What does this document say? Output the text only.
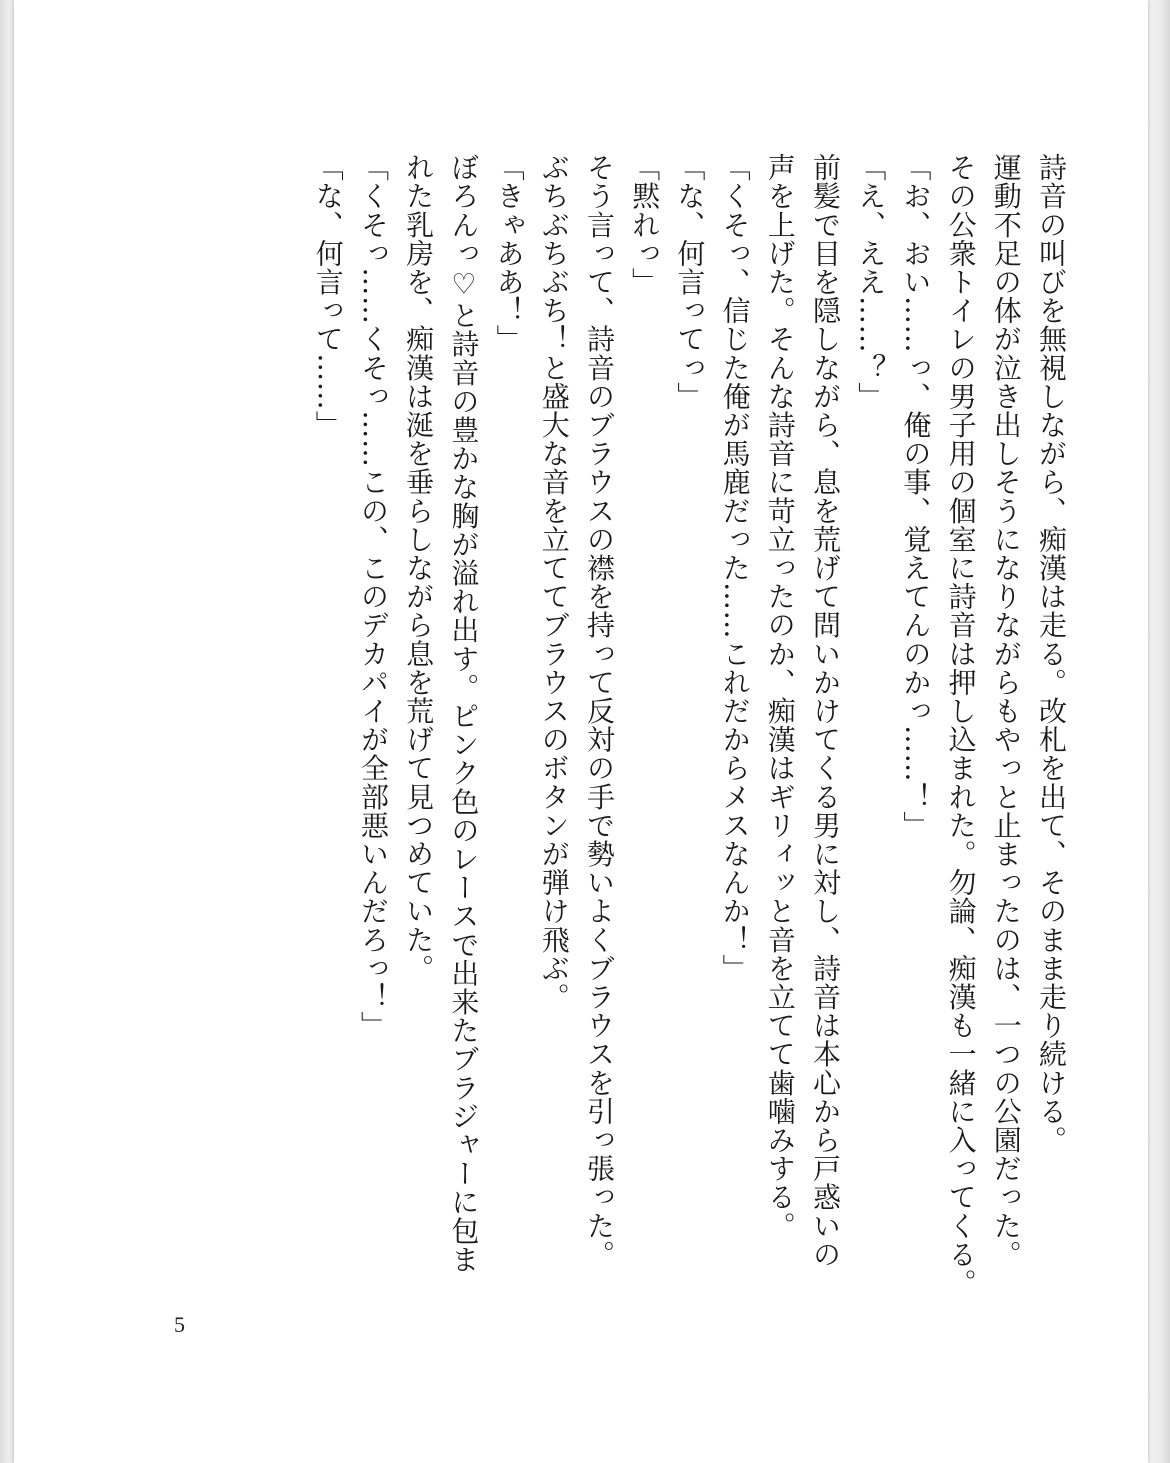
詩音の叫びを無視しながら、痴漢は走る。改札を出て、そのまま走り続ける。
運動不足の体が泣き出しそうになりながらもやっと止まったのは、一つの公園だった。
その公衆トイレの男子用の個室に詩音は押し込まれた。勿論、痴漢も一緒に入ってくる。
「お、おい……っ、俺の事、覚えてんのかっ……！」
「え、ええ……？」
前髪で目を隠しながら、息を荒げて問いかけてくる男に対し、詩音は本心から戸惑いの
声を上げた。そんな詩音に苛立ったのか、痴漢はギリィッと音を立てて歯噛みする。
「くそっ、信じた俺が馬鹿だった……これだからメスなんか！」
「な、何言ってっ」
「黙れっ」
そう言って、詩音のブラウスの襟を持って反対の手で勢いよくブラウスを引っ張った。
ぶちぶちぶち！と盛大な音を立ててブラウスのボタンが弾け飛ぶ。
「きゃああ！」
ぼろんっ♡と詩音の豊かな胸が溢れ出す。ピンク色のレースで出来たブラジャーに包ま
れた乳房を、痴漢は涎を垂らしながら息を荒げて見つめていた。
「くそっ……くそっ……この、このデカパイが全部悪いんだろっ！」
「な、何言って……」
5
